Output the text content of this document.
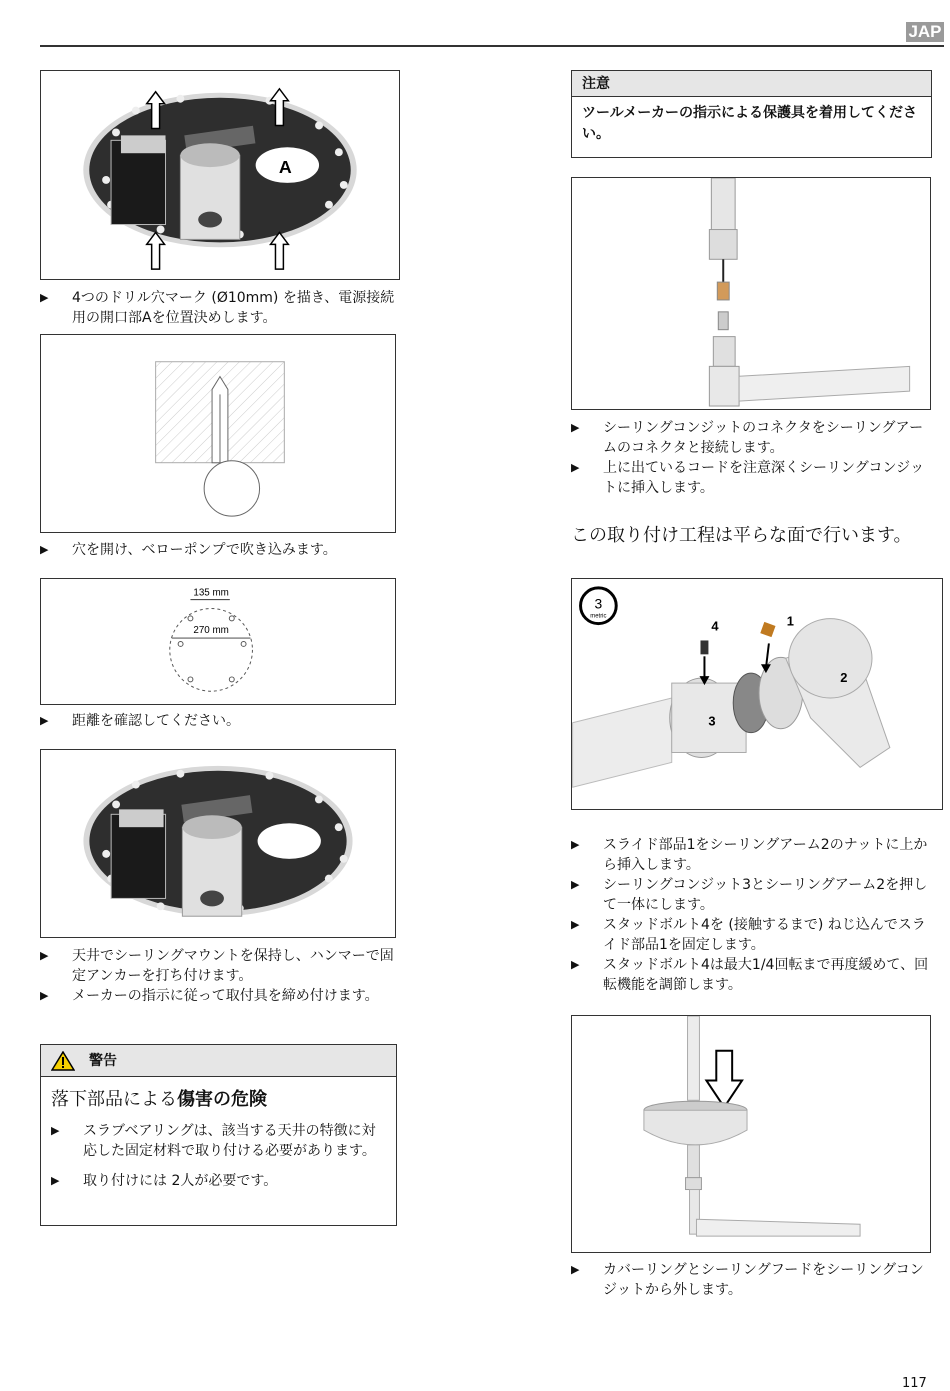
JAP
A
▶ 4つのドリル穴マーク (Ø10mm) を描き、電源接続用の開口部Aを位置決めします。
▶ 穴を開け、ベローポンプで吹き込みます。
135 mm
270 mm
▶ 距離を確認してください。
▶ 天井でシーリングマウントを保持し、ハンマーで固定アンカーを打ち付けます。
▶ メーカーの指示に従って取付具を締め付けます。
警告
落下部品による傷害の危険
▶ スラブベアリングは、該当する天井の特徴に対応した固定材料で取り付ける必要があります。
▶ 取り付けには 2人が必要です。
注意
ツールメーカーの指示による保護具を着用してください。
▶ シーリングコンジットのコネクタをシーリングアームのコネクタと接続します。
▶ 上に出ているコードを注意深くシーリングコンジットに挿入します。
この取り付け工程は平らな面で行います。
3
metric	1
2
3
4
▶ スライド部品1をシーリングアーム2のナットに上から挿入します。
▶ シーリングコンジット3とシーリングアーム2を押して一体にします。
▶ スタッドボルト4を (接触するまで) ねじ込んでスライド部品1を固定します。
▶ スタッドボルト4は最大1/4回転まで再度緩めて、回転機能を調節します。
▶ カバーリングとシーリングフードをシーリングコンジットから外します。
117
